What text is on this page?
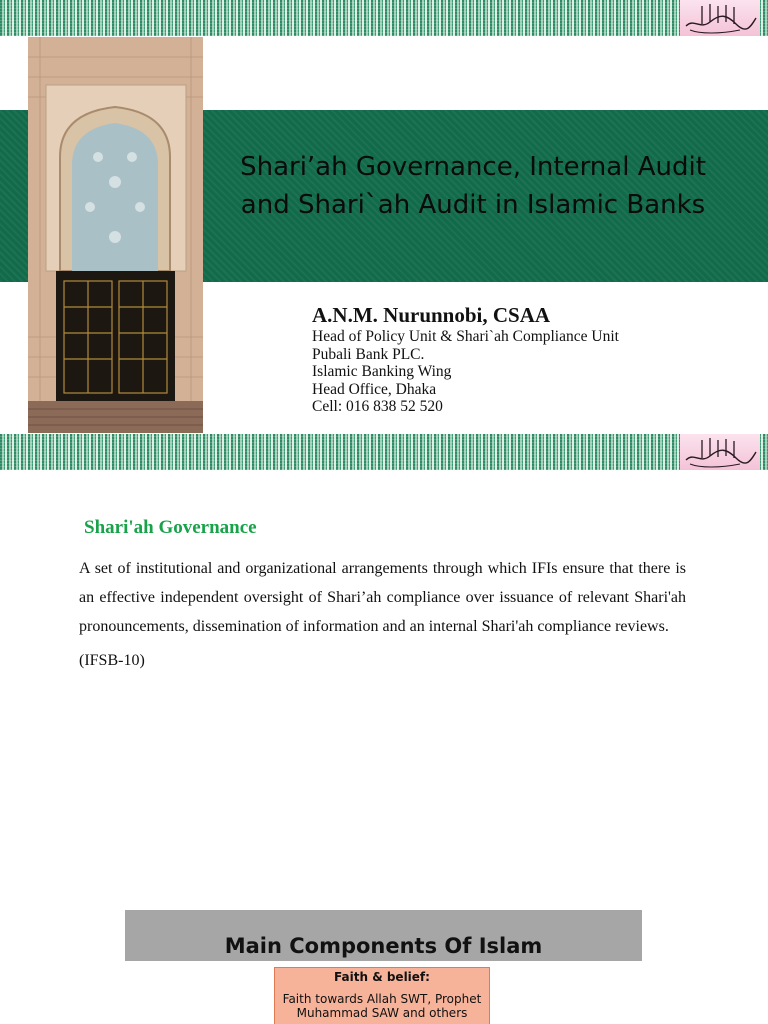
Shari’ah Governance, Internal Audit and Shari`ah Audit in Islamic Banks
A.N.M. Nurunnobi, CSAA
Head of Policy Unit & Shari`ah Compliance Unit
Pubali Bank PLC.
Islamic Banking Wing
Head Office, Dhaka
Cell: 016 838 52 520
Shari'ah Governance

A set of institutional and organizational arrangements through which IFIs ensure that there is an effective independent oversight of Shari’ah compliance over issuance of relevant Shari'ah pronouncements, dissemination of information and an internal Shari'ah compliance reviews.

(IFSB-10)

Main Components Of Islam
Faith & belief:
Faith towards Allah SWT, Prophet Muhammad SAW and others
